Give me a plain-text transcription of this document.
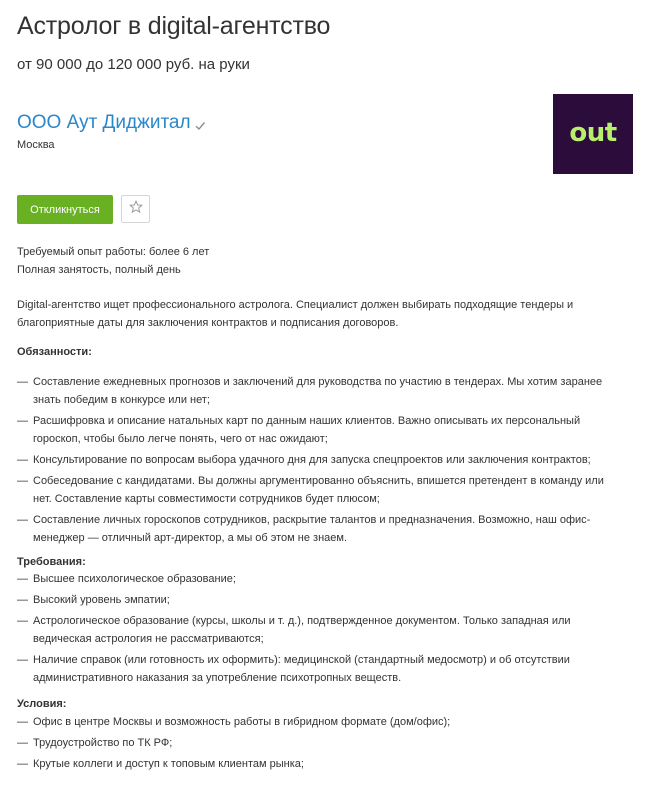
Астролог в digital-агентство
от 90 000 до 120 000 руб. на руки
ООО Аут Диджитал
Москва	out
Откликнуться
Требуемый опыт работы: более 6 лет
Полная занятость, полный день
Digital-агентство ищет профессионального астролога. Специалист должен выбирать подходящие тендеры и благоприятные даты для заключения контрактов и подписания договоров.
Обязанности:
— Составление ежедневных прогнозов и заключений для руководства по участию в тендерах. Мы хотим заранее знать победим в конкурсе или нет;
— Расшифровка и описание натальных карт по данным наших клиентов. Важно описывать их персональный гороскоп, чтобы было легче понять, чего от нас ожидают;
— Консультирование по вопросам выбора удачного дня для запуска спецпроектов или заключения контрактов;
— Собеседование с кандидатами. Вы должны аргументированно объяснить, впишется претендент в команду или нет. Составление карты совместимости сотрудников будет плюсом;
— Составление личных гороскопов сотрудников, раскрытие талантов и предназначения. Возможно, наш офис-менеджер — отличный арт-директор, а мы об этом не знаем.
Требования:
— Высшее психологическое образование;
— Высокий уровень эмпатии;
— Астрологическое образование (курсы, школы и т. д.), подтвержденное документом. Только западная или ведическая астрология не рассматриваются;
— Наличие справок (или готовность их оформить): медицинской (стандартный медосмотр) и об отсутствии административного наказания за употребление психотропных веществ.
Условия:
— Офис в центре Москвы и возможность работы в гибридном формате (дом/офис);
— Трудоустройство по ТК РФ;
— Крутые коллеги и доступ к топовым клиентам рынка;
